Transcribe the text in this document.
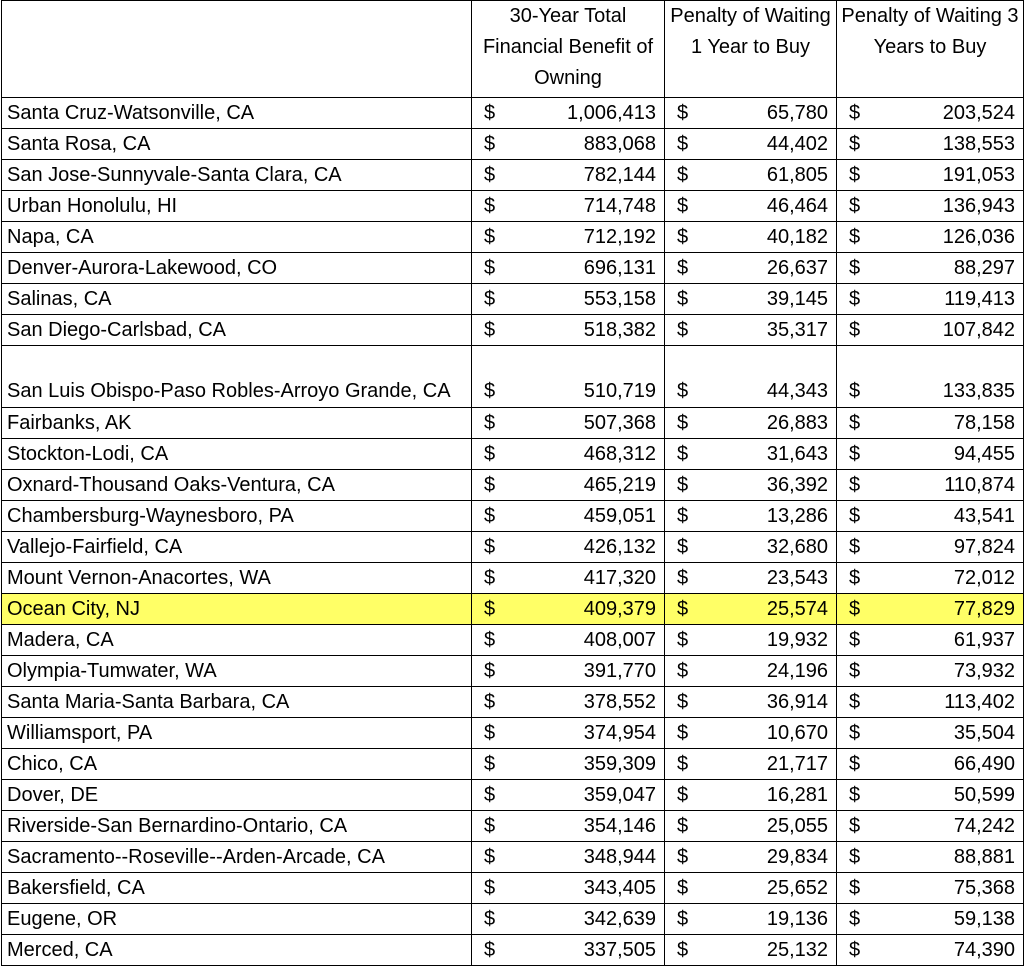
	30-Year Total Financial Benefit of Owning		Penalty of Waiting 1 Year to Buy		Penalty of Waiting 3 Years to Buy	
Santa Cruz-Watsonville, CA	$	1,006,413	$	65,780	$	203,524
Santa Rosa, CA	$	883,068	$	44,402	$	138,553
San Jose-Sunnyvale-Santa Clara, CA	$	782,144	$	61,805	$	191,053
Urban Honolulu, HI	$	714,748	$	46,464	$	136,943
Napa, CA	$	712,192	$	40,182	$	126,036
Denver-Aurora-Lakewood, CO	$	696,131	$	26,637	$	88,297
Salinas, CA	$	553,158	$	39,145	$	119,413
San Diego-Carlsbad, CA	$	518,382	$	35,317	$	107,842
San Luis Obispo-Paso Robles-Arroyo Grande, CA	$	510,719	$	44,343	$	133,835
Fairbanks, AK	$	507,368	$	26,883	$	78,158
Stockton-Lodi, CA	$	468,312	$	31,643	$	94,455
Oxnard-Thousand Oaks-Ventura, CA	$	465,219	$	36,392	$	110,874
Chambersburg-Waynesboro, PA	$	459,051	$	13,286	$	43,541
Vallejo-Fairfield, CA	$	426,132	$	32,680	$	97,824
Mount Vernon-Anacortes, WA	$	417,320	$	23,543	$	72,012
Ocean City, NJ	$	409,379	$	25,574	$	77,829
Madera, CA	$	408,007	$	19,932	$	61,937
Olympia-Tumwater, WA	$	391,770	$	24,196	$	73,932
Santa Maria-Santa Barbara, CA	$	378,552	$	36,914	$	113,402
Williamsport, PA	$	374,954	$	10,670	$	35,504
Chico, CA	$	359,309	$	21,717	$	66,490
Dover, DE	$	359,047	$	16,281	$	50,599
Riverside-San Bernardino-Ontario, CA	$	354,146	$	25,055	$	74,242
Sacramento--Roseville--Arden-Arcade, CA	$	348,944	$	29,834	$	88,881
Bakersfield, CA	$	343,405	$	25,652	$	75,368
Eugene, OR	$	342,639	$	19,136	$	59,138
Merced, CA	$	337,505	$	25,132	$	74,390
